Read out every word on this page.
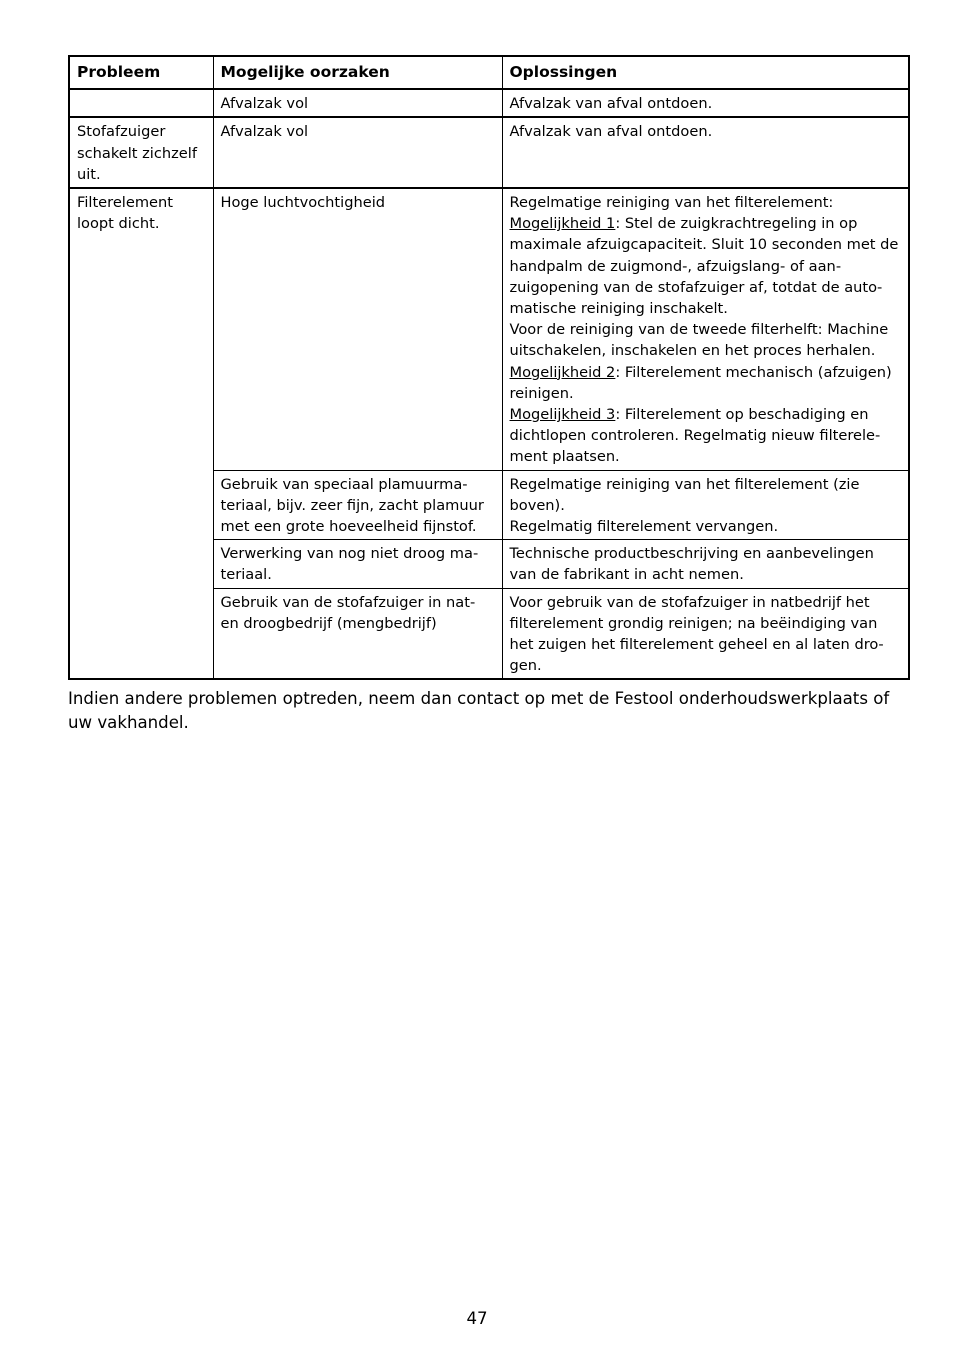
Probleem	Mogelijke oorzaken	Oplossingen
	Afvalzak vol	Afvalzak van afval ontdoen.
Stofafzuiger schakelt zichzelf uit.	Afvalzak vol	Afvalzak van afval ontdoen.
Filterelement loopt dicht.	Hoge luchtvochtigheid	Regelmatige reiniging van het filterelement:
Mogelijkheid 1: Stel de zuigkrachtregeling in op maximale afzuigcapaciteit. Sluit 10 seconden met de handpalm de zuigmond-, afzuigslang- of aanzuigopening van de stofafzuiger af, totdat de automatische reiniging inschakelt.
Voor de reiniging van de tweede filterhelft: Machine uitschakelen, inschakelen en het proces herhalen.
Mogelijkheid 2: Filterelement mechanisch (afzuigen) reinigen.
Mogelijkheid 3: Filterelement op beschadiging en dichtlopen controleren. Regelmatig nieuw filterelement plaatsen.

	Gebruik van speciaal plamuurmateriaal, bijv. zeer fijn, zacht plamuur met een grote hoeveelheid fijnstof.	Regelmatige reiniging van het filterelement (zie boven).
Regelmatig filterelement vervangen.

	Verwerking van nog niet droog materiaal.	Technische productbeschrijving en aanbevelingen van de fabrikant in acht nemen.
	Gebruik van de stofafzuiger in nat- en droogbedrijf (mengbedrijf)	Voor gebruik van de stofafzuiger in natbedrijf het filterelement grondig reinigen; na beëindiging van het zuigen het filterelement geheel en al laten drogen.

Indien andere problemen optreden, neem dan contact op met de Festool onderhoudswerkplaats of uw vakhandel.

47
